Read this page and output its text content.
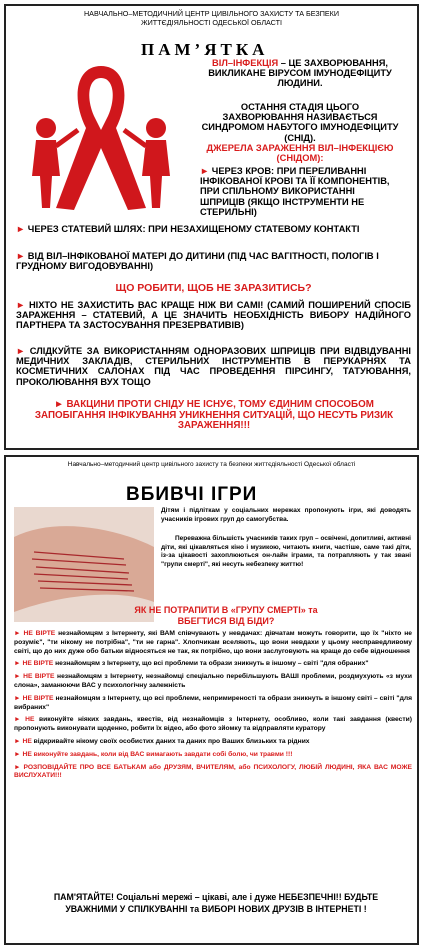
НАВЧАЛЬНО–МЕТОДИЧНИЙ ЦЕНТР ЦИВІЛЬНОГО ЗАХИСТУ ТА БЕЗПЕКИ ЖИТТЄДІЯЛЬНОСТІ ОДЕСЬКОЇ ОБЛАСТІ
ПАМ’ЯТКА
ВІЛ–ІНФЕКЦІЯ – ЦЕ ЗАХВОРЮВАННЯ, ВИКЛИКАНЕ ВІРУСОМ ІМУНОДЕФІЦИТУ ЛЮДИНИ.
ОСТАННЯ СТАДІЯ ЦЬОГО ЗАХВОРЮВАННЯ НАЗИВАЄТЬСЯ СИНДРОМОМ НАБУТОГО ІМУНОДЕФІЦИТУ (СНІД).
ДЖЕРЕЛА ЗАРАЖЕННЯ ВІЛ–ІНФЕКЦІЄЮ (СНІДОМ):
► ЧЕРЕЗ КРОВ: ПРИ ПЕРЕЛИВАННІ ІНФІКОВАНОЇ КРОВІ ТА ЇЇ КОМПОНЕНТІВ, ПРИ СПІЛЬНОМУ ВИКОРИСТАННІ ШПРИЦІВ (ЯКЩО ІНСТРУМЕНТИ НЕ СТЕРИЛЬНІ)
► ЧЕРЕЗ СТАТЕВИЙ ШЛЯХ: ПРИ НЕЗАХИЩЕНОМУ СТАТЕВОМУ КОНТАКТІ
► ВІД ВІЛ–ІНФІКОВАНОЇ МАТЕРІ ДО ДИТИНИ (ПІД ЧАС ВАГІТНОСТІ, ПОЛОГІВ І ГРУДНОМУ ВИГОДОВУВАННІ)
ЩО РОБИТИ, ЩОБ НЕ ЗАРАЗИТИСЬ?
► НІХТО НЕ ЗАХИСТИТЬ ВАС КРАЩЕ НІЖ ВИ САМІ! (САМИЙ ПОШИРЕНИЙ СПОСІБ ЗАРАЖЕННЯ – СТАТЕВИЙ, А ЦЕ ЗНАЧИТЬ НЕОБХІДНІСТЬ ВИБОРУ НАДІЙНОГО ПАРТНЕРА ТА ЗАСТОСУВАННЯ ПРЕЗЕРВАТИВІВ)
► СЛІДКУЙТЕ ЗА ВИКОРИСТАННЯМ ОДНОРАЗОВИХ ШПРИЦІВ ПРИ ВІДВІДУВАННІ МЕДИЧНИХ ЗАКЛАДІВ, СТЕРИЛЬНИХ ІНСТРУМЕНТІВ В ПЕРУКАРНЯХ ТА КОСМЕТИЧНИХ САЛОНАХ ПІД ЧАС ПРОВЕДЕННЯ ПІРСИНГУ, ТАТУЮВАННЯ, ПРОКОЛЮВАННЯ ВУХ ТОЩО
► ВАКЦИНИ ПРОТИ СНІДУ НЕ ІСНУЄ, ТОМУ ЄДИНИМ СПОСОБОМ ЗАПОБІГАННЯ ІНФІКУВАННЯ УНИКНЕННЯ СИТУАЦІЙ, ЩО НЕСУТЬ РИЗИК ЗАРАЖЕННЯ!!!
Навчально–методичний центр цивільного захисту та безпеки життєдіяльності Одеської області
ВБИВЧІ ІГРИ
Дітям і підліткам у соціальних мережах пропонують ігри, які доводять учасників ігрових груп до самогубства.
Переважна більшість учасників таких груп – освічені, допитливі, активні діти, які цікавляться кіно і музикою, читають книги, частіше, саме такі діти, із-за цікавості захоплюються он-лайн іграми, та потрапляють у так звані "групи смерті", які несуть небезпеку життю!
ЯК НЕ ПОТРАПИТИ В «ГРУПУ СМЕРТІ» та ВБЕГТИСЯ ВІД БІДИ?
► НЕ ВІРТЕ незнайомцям з Інтернету, які ВАМ співчувають у невдачах: дівчатам можуть говорити, що їх "ніхто не розуміє", "ти нікому не потрібна", "ти не гарна". Хлопчикам вселяють, що вони невдахи у цьому несправедливому світі, що до них дуже обо батьки відносяться не так, як потрібно, що вони заслуговують на краще до себе відношення
► НЕ ВІРТЕ незнайомцям з Інтернету, що всі проблеми та образи зникнуть в іншому – світі "для обраних"
► НЕ ВІРТЕ незнайомцям з Інтернету, незнайомці спеціально перебільшують ВАШІ проблеми, роздмухують «з мухи слона», заманюючи ВАС у психологічну залежність
► НЕ ВІРТЕ незнайомцям з Інтернету, що всі проблеми, непримиреності та образи зникнуть в іншому світі – світі "для вибраних"
► НЕ виконуйте ніяких завдань, квестів, від незнайомців з Інтернету, особливо, коли такі завдання (квести) пропонують виконувати щоденно, робити їх відео, або фото зйомку та відправляти куратору
► НЕ відкривайте нікому своїх особистих даних та даних про Ваших близьких та рідних
► НЕ виконуйте завдань, коли від ВАС вимагають завдати собі болю, чи травми !!!
► РОЗПОВІДАЙТЕ ПРО ВСЕ БАТЬКАМ або ДРУЗЯМ, ВЧИТЕЛЯМ, або ПСИХОЛОГУ, ЛЮБІЙ ЛЮДИНІ, ЯКА ВАС МОЖЕ ВИСЛУХАТИ!!!
ПАМ'ЯТАЙТЕ! Соціальні мережі – цікаві, але і дуже НЕБЕЗПЕЧНІ!! БУДЬТЕ УВАЖНИМИ У СПІЛКУВАННІ та ВИБОРІ НОВИХ ДРУЗІВ В ІНТЕРНЕТІ !
